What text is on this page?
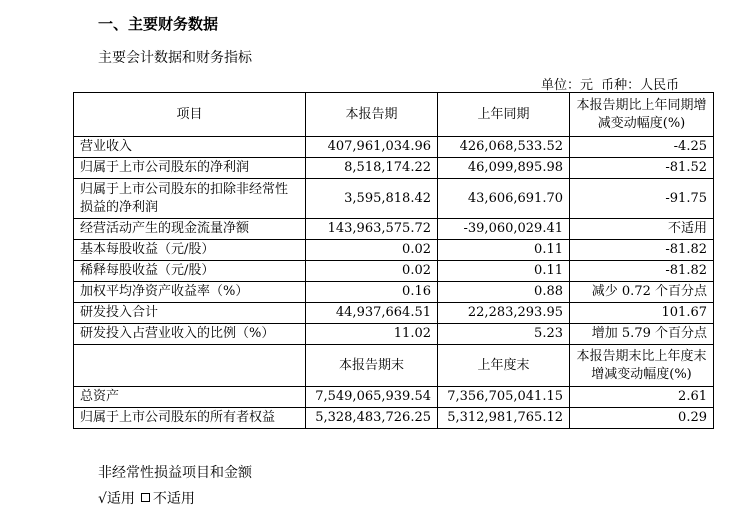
一、主要财务数据
主要会计数据和财务指标
单位：元 币种：人民币
项目	本报告期	上年同期	本报告期比上年同期增减变动幅度(%)
营业收入	407,961,034.96	426,068,533.52	-4.25
归属于上市公司股东的净利润	8,518,174.22	46,099,895.98	-81.52
归属于上市公司股东的扣除非经常性损益的净利润	3,595,818.42	43,606,691.70	-91.75
经营活动产生的现金流量净额	143,963,575.72	-39,060,029.41	不适用
基本每股收益（元/股）	0.02	0.11	-81.82
稀释每股收益（元/股）	0.02	0.11	-81.82
加权平均净资产收益率（%）	0.16	0.88	减少 0.72 个百分点
研发投入合计	44,937,664.51	22,283,293.95	101.67
研发投入占营业收入的比例（%）	11.02	5.23	增加 5.79 个百分点
	本报告期末	上年度末	本报告期末比上年度末增减变动幅度(%)
总资产	7,549,065,939.54	7,356,705,041.15	2.61
归属于上市公司股东的所有者权益	5,328,483,726.25	5,312,981,765.12	0.29
非经常性损益项目和金额
√适用 不适用
